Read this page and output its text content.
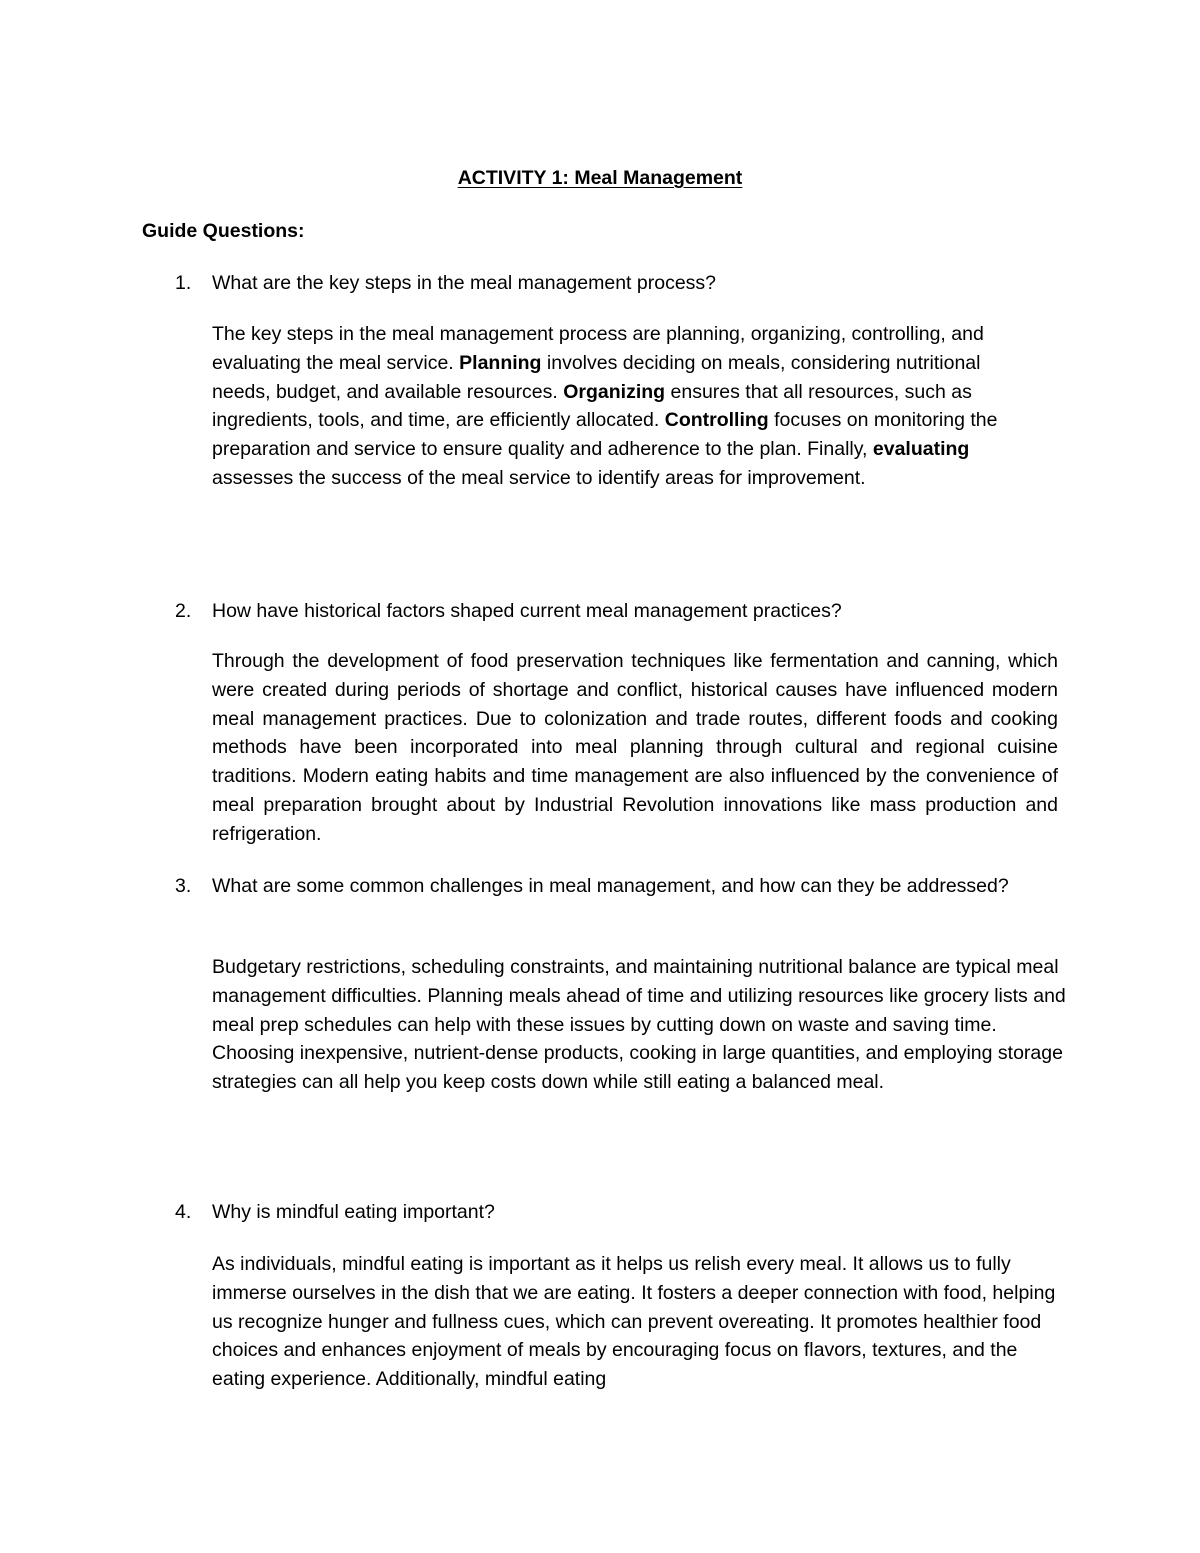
ACTIVITY 1: Meal Management
Guide Questions:

1. What are the key steps in the meal management process?

The key steps in the meal management process are planning, organizing, controlling, and evaluating the meal service. Planning involves deciding on meals, considering nutritional needs, budget, and available resources. Organizing ensures that all resources, such as ingredients, tools, and time, are efficiently allocated. Controlling focuses on monitoring the preparation and service to ensure quality and adherence to the plan. Finally, evaluating assesses the success of the meal service to identify areas for improvement.

2. How have historical factors shaped current meal management practices?

Through the development of food preservation techniques like fermentation and canning, which were created during periods of shortage and conflict, historical causes have influenced modern meal management practices. Due to colonization and trade routes, different foods and cooking methods have been incorporated into meal planning through cultural and regional cuisine traditions. Modern eating habits and time management are also influenced by the convenience of meal preparation brought about by Industrial Revolution innovations like mass production and refrigeration.

3. What are some common challenges in meal management, and how can they be addressed?

Budgetary restrictions, scheduling constraints, and maintaining nutritional balance are typical meal management difficulties. Planning meals ahead of time and utilizing resources like grocery lists and meal prep schedules can help with these issues by cutting down on waste and saving time. Choosing inexpensive, nutrient-dense products, cooking in large quantities, and employing storage strategies can all help you keep costs down while still eating a balanced meal.

4. Why is mindful eating important?

As individuals, mindful eating is important as it helps us relish every meal. It allows us to fully immerse ourselves in the dish that we are eating. It fosters a deeper connection with food, helping us recognize hunger and fullness cues, which can prevent overeating. It promotes healthier food choices and enhances enjoyment of meals by encouraging focus on flavors, textures, and the eating experience. Additionally, mindful eating
